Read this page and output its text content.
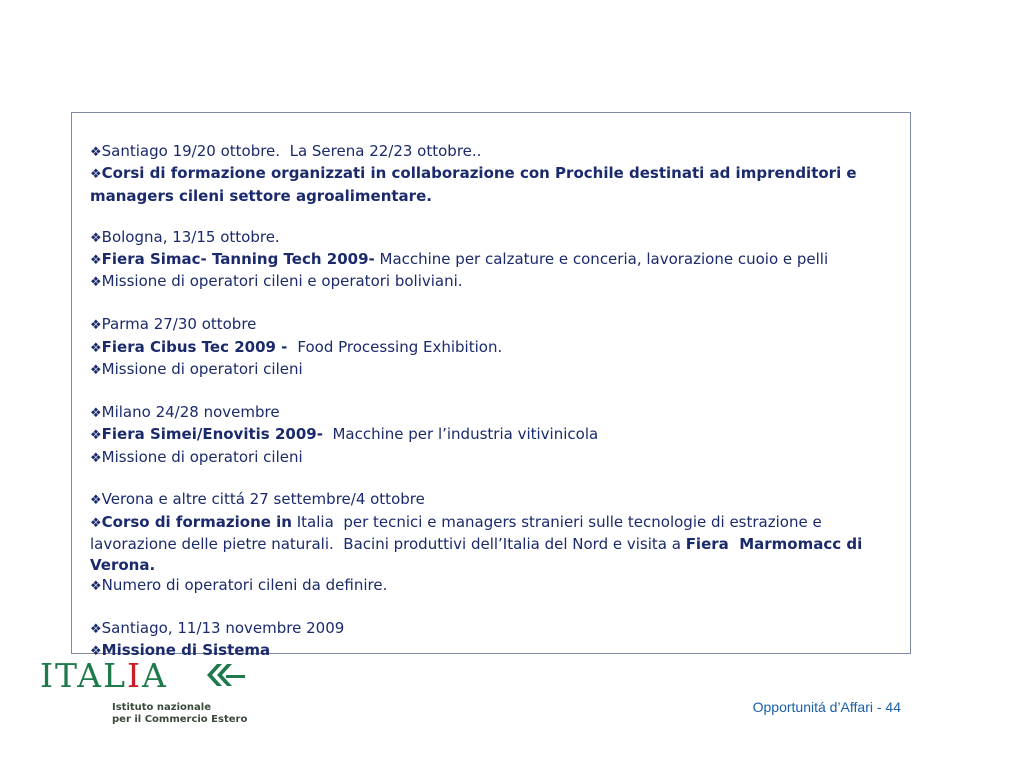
❖Santiago 19/20 ottobre.  La Serena 22/23 ottobre..

❖Corsi di formazione organizzati in collaborazione con Prochile destinati ad imprenditori e managers cileni settore agroalimentare.

❖Bologna, 13/15 ottobre.

❖Fiera Simac- Tanning Tech 2009- Macchine per calzature e conceria, lavorazione cuoio e pelli

❖Missione di operatori cileni e operatori boliviani.

❖Parma 27/30 ottobre

❖Fiera Cibus Tec 2009 -  Food Processing Exhibition.

❖Missione di operatori cileni

❖Milano 24/28 novembre

❖Fiera Simei/Enovitis 2009-  Macchine per l’industria vitivinicola

❖Missione di operatori cileni

❖Verona e altre cittá 27 settembre/4 ottobre

❖Corso di formazione in Italia  per tecnici e managers stranieri sulle tecnologie di estrazione e lavorazione delle pietre naturali.  Bacini produttivi dell’Italia del Nord e visita a Fiera  Marmomacc di Verona.

❖Numero di operatori cileni da definire.

❖Santiago, 11/13 novembre 2009

❖Missione di Sistema

ITALIA
Istituto nazionale
per il Commercio Estero
Opportunitá d’Affari - 44
